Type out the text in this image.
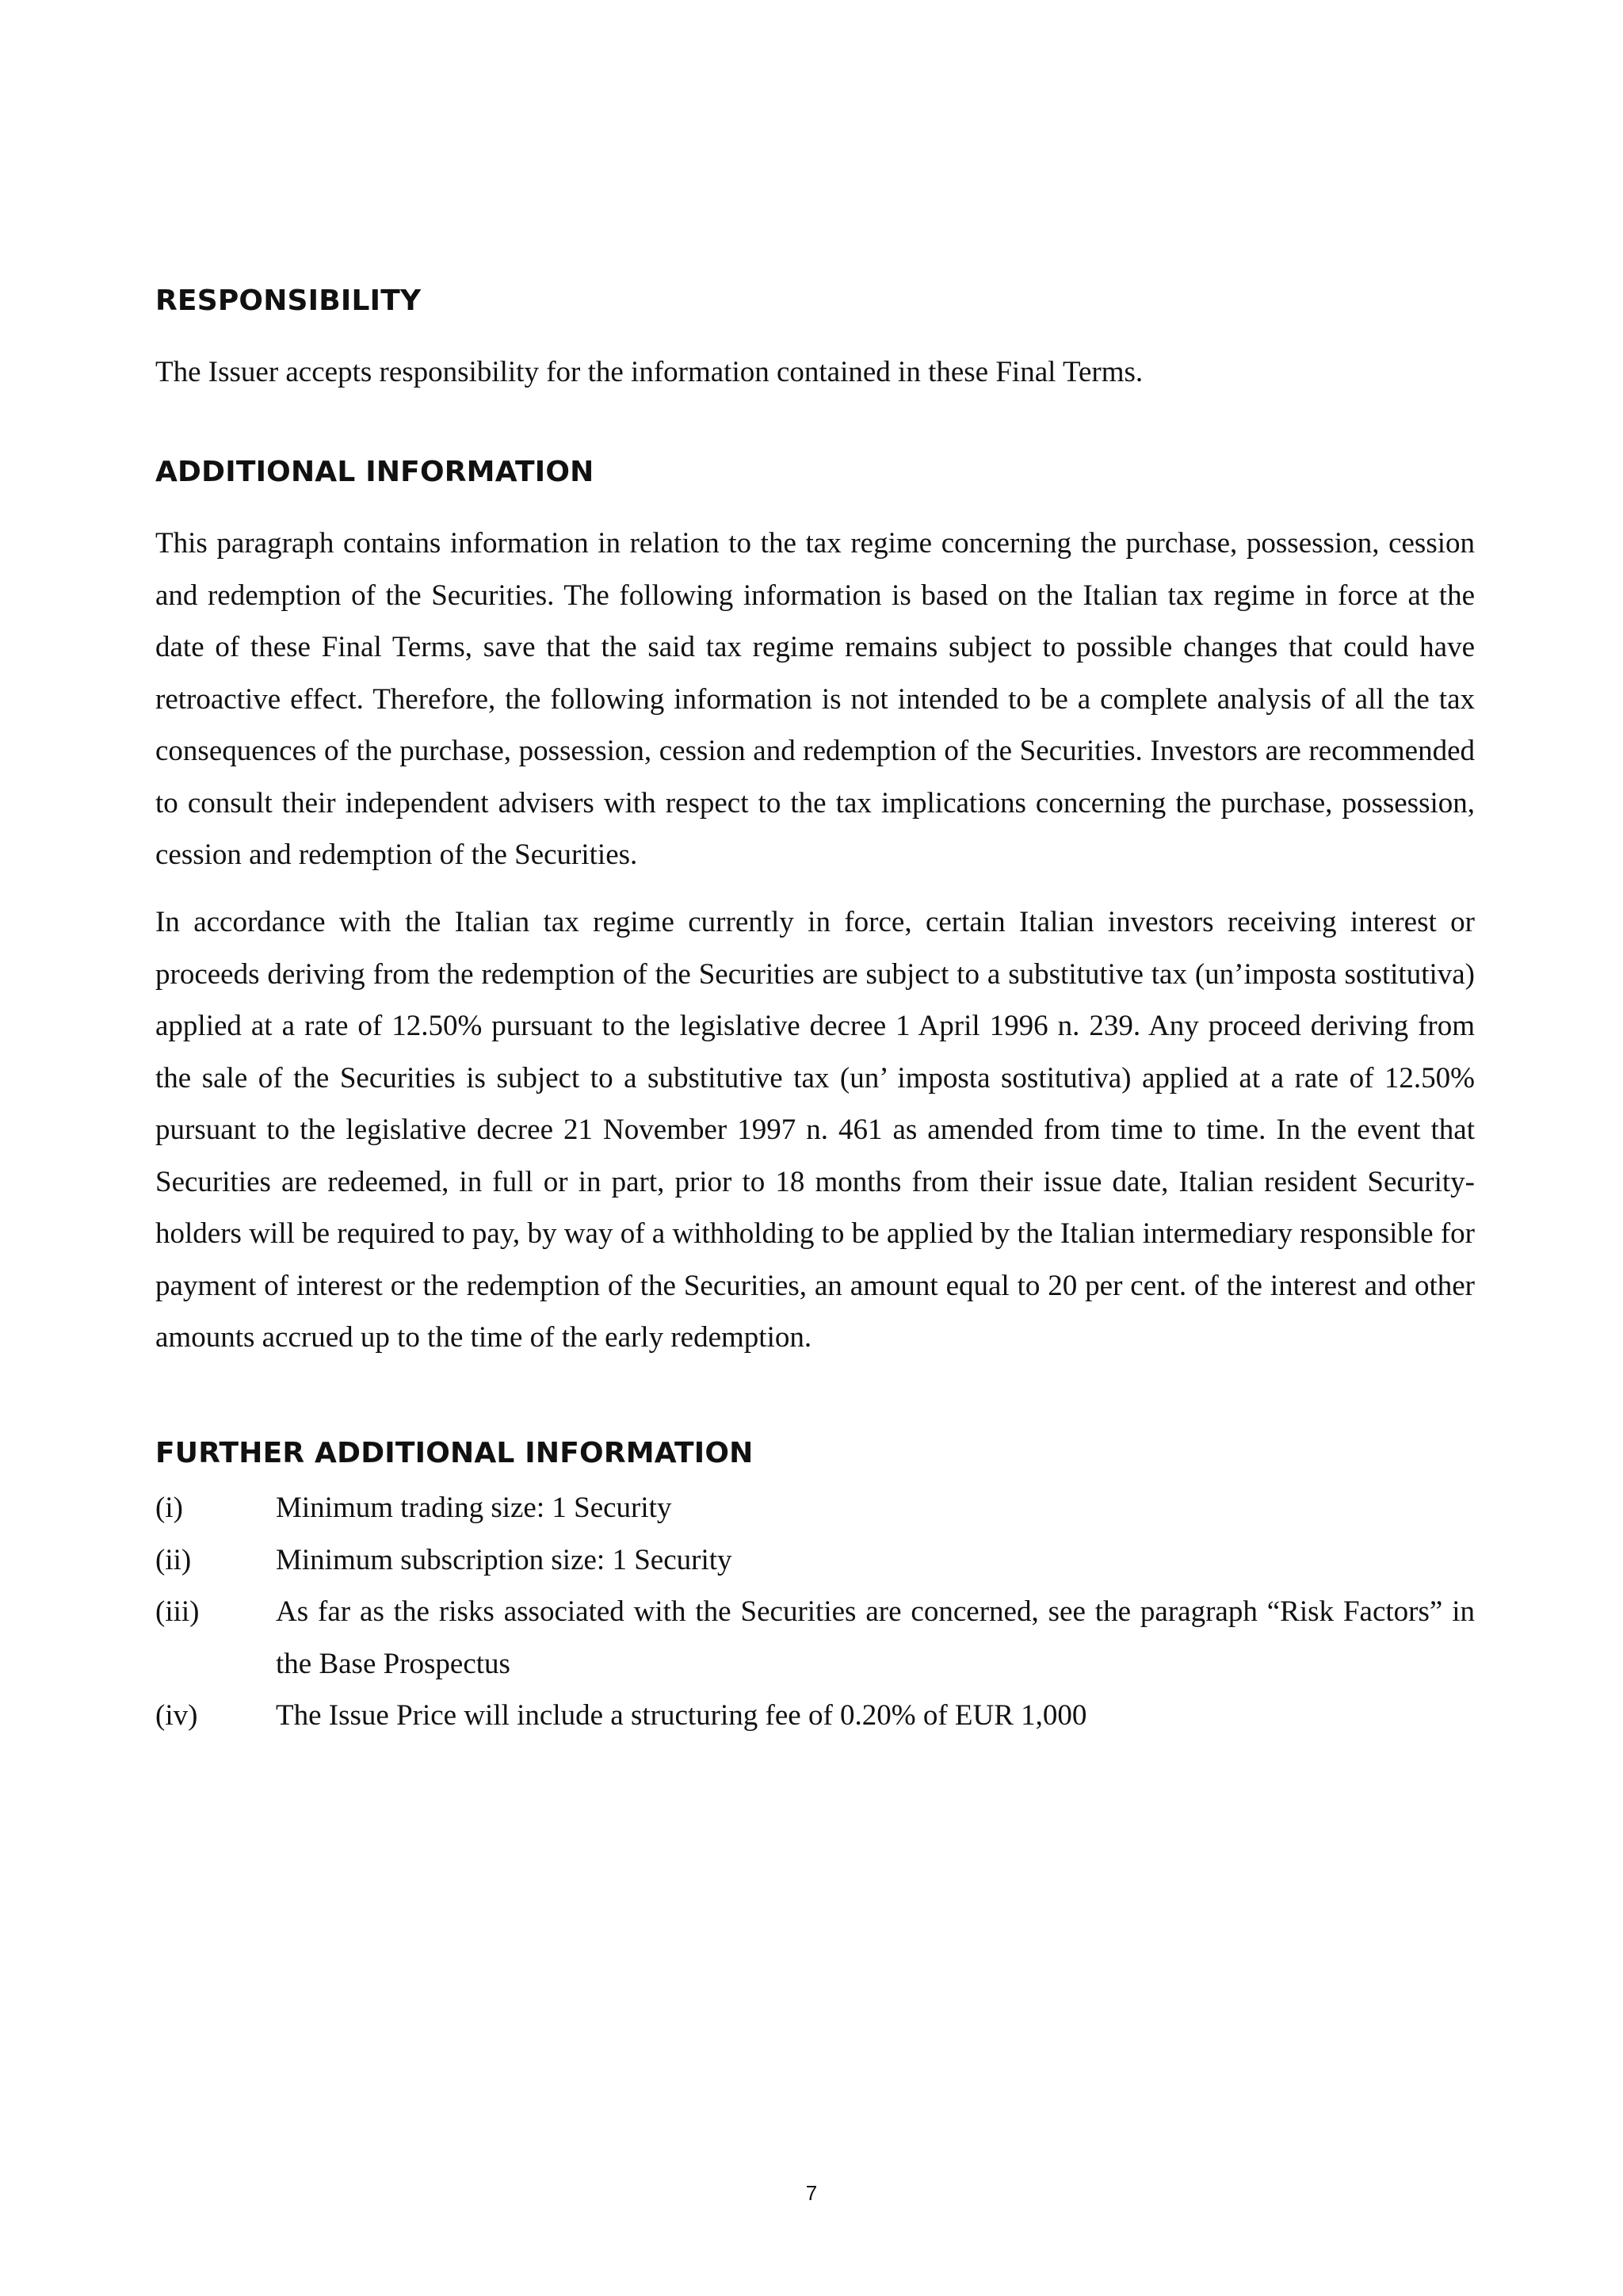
RESPONSIBILITY
The Issuer accepts responsibility for the information contained in these Final Terms.
ADDITIONAL INFORMATION
This paragraph contains information in relation to the tax regime concerning the purchase, possession, cession and redemption of the Securities. The following information is based on the Italian tax regime in force at the date of these Final Terms, save that the said tax regime remains subject to possible changes that could have retroactive effect. Therefore, the following information is not intended to be a complete analysis of all the tax consequences of the purchase, possession, cession and redemption of the Securities. Investors are recommended to consult their independent advisers with respect to the tax implications concerning the purchase, possession, cession and redemption of the Securities.
In accordance with the Italian tax regime currently in force, certain Italian investors receiving interest or proceeds deriving from the redemption of the Securities are subject to a substitutive tax (un’imposta sostitutiva) applied at a rate of 12.50% pursuant to the legislative decree 1 April 1996 n. 239. Any proceed deriving from the sale of the Securities is subject to a substitutive tax (un’ imposta sostitutiva) applied at a rate of 12.50% pursuant to the legislative decree 21 November 1997 n. 461 as amended from time to time. In the event that Securities are redeemed, in full or in part, prior to 18 months from their issue date, Italian resident Security-holders will be required to pay, by way of a withholding to be applied by the Italian intermediary responsible for payment of interest or the redemption of the Securities, an amount equal to 20 per cent. of the interest and other amounts accrued up to the time of the early redemption.
FURTHER ADDITIONAL INFORMATION
(i)	Minimum trading size: 1 Security
(ii)	Minimum subscription size: 1 Security
(iii)	As far as the risks associated with the Securities are concerned, see the paragraph “Risk Factors” in the Base Prospectus
(iv)	The Issue Price will include a structuring fee of 0.20% of EUR 1,000
7
